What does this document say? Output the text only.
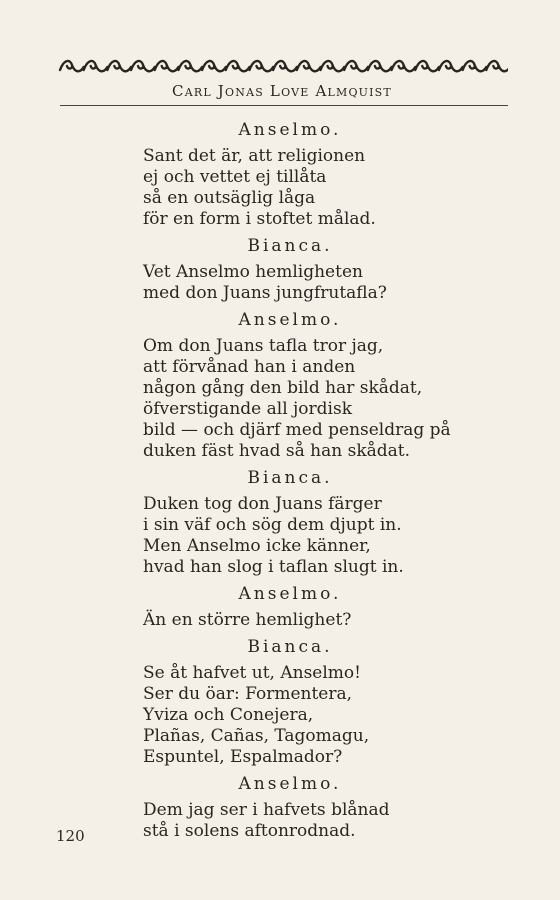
Carl Jonas Love Almquist
Anselmo.
Sant det är, att religionen
ej och vettet ej tillåta
så en outsäglig låga
för en form i stoftet målad.
Bianca.
Vet Anselmo hemligheten
med don Juans jungfrutafla?
Anselmo.
Om don Juans tafla tror jag,
att förvånad han i anden
någon gång den bild har skådat,
öfverstigande all jordisk
bild — och djärf med penseldrag på
duken fäst hvad så han skådat.
Bianca.
Duken tog don Juans färger
i sin väf och sög dem djupt in.
Men Anselmo icke känner,
hvad han slog i taflan slugt in.
Anselmo.
Än en större hemlighet?
Bianca.
Se åt hafvet ut, Anselmo!
Ser du öar: Formentera,
Yviza och Conejera,
Plañas, Cañas, Tagomagu,
Espuntel, Espalmador?
Anselmo.
Dem jag ser i hafvets blånad
stå i solens aftonrodnad.
120
